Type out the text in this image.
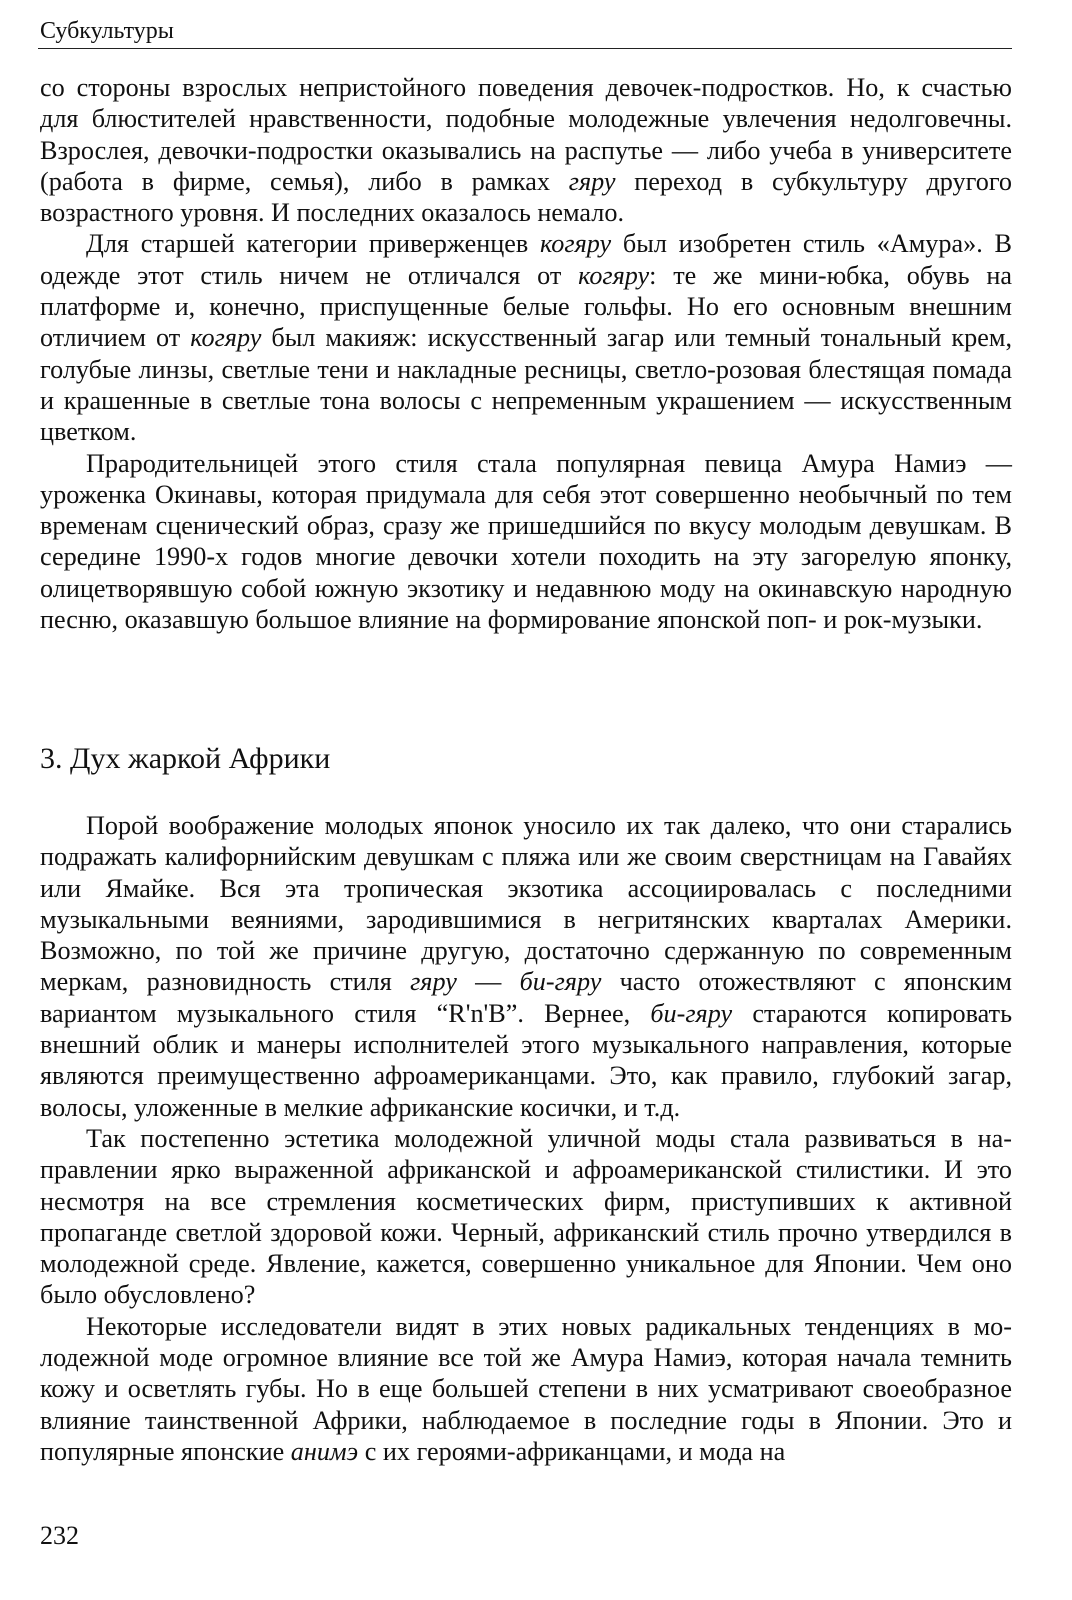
Субкультуры

со стороны взрослых непристойного поведения девочек-подростков. Но, к счастью для блюстителей нравственности, подобные молодежные увлечения недолговечны. Взрослея, девочки-подростки оказывались на распутье — либо учеба в университете (работа в фирме, семья), либо в рамках гяру переход в субкультуру другого возрастного уровня. И последних оказалось немало.

Для старшей категории приверженцев когяру был изобретен стиль «Амура». В одежде этот стиль ничем не отличался от когяру: те же мини-юбка, обувь на платформе и, конечно, приспущенные белые гольфы. Но его основным внешним отличием от когяру был макияж: искусственный загар или темный тональный крем, голубые линзы, светлые тени и накладные ресницы, светло-розовая блестящая помада и крашенные в светлые тона волосы с непременным украшением — искусственным цветком.

Прародительницей этого стиля стала популярная певица Амура Намиэ — уроженка Окинавы, которая придумала для себя этот совершенно необычный по тем временам сценический образ, сразу же пришедшийся по вкусу молодым девушкам. В середине 1990-х годов многие девочки хотели походить на эту загорелую японку, олицетворявшую собой южную экзотику и недавнюю моду на окинавскую народную песню, оказавшую большое влияние на формирование японской поп- и рок-музыки.

3. Дух жаркой Африки

Порой воображение молодых японок уносило их так далеко, что они старались подражать калифорнийским девушкам с пляжа или же своим сверстницам на Гавайях или Ямайке. Вся эта тропическая экзотика ассоциировалась с последними музыкальными веяниями, зародившимися в негритянских кварталах Америки. Возможно, по той же причине другую, достаточно сдержанную по современным меркам, разновидность стиля гяру — би-гяру часто отожествляют с японским вариантом музыкального стиля “R'n'B”. Вернее, би-гяру стараются копировать внешний облик и манеры исполнителей этого музыкального направления, которые являются преимущественно афроамериканцами. Это, как правило, глубокий загар, волосы, уложенные в мелкие африканские косички, и т.д.

Так постепенно эстетика молодежной уличной моды стала развиваться в направлении ярко выраженной африканской и афроамериканской стилистики. И это несмотря на все стремления косметических фирм, приступивших к активной пропаганде светлой здоровой кожи. Черный, африканский стиль прочно утвердился в молодежной среде. Явление, кажется, совершенно уникальное для Японии. Чем оно было обусловлено?

Некоторые исследователи видят в этих новых радикальных тенденциях в молодежной моде огромное влияние все той же Амура Намиэ, которая начала темнить кожу и осветлять губы. Но в еще большей степени в них усматривают своеобразное влияние таинственной Африки, наблюдаемое в последние годы в Японии. Это и популярные японские анимэ с их героями-африканцами, и мода на

232
